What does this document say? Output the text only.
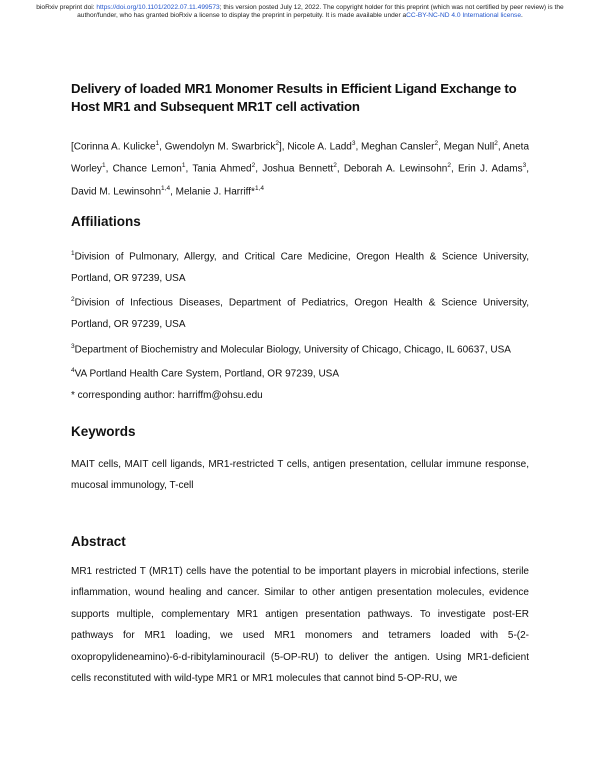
bioRxiv preprint doi: https://doi.org/10.1101/2022.07.11.499573; this version posted July 12, 2022. The copyright holder for this preprint (which was not certified by peer review) is the author/funder, who has granted bioRxiv a license to display the preprint in perpetuity. It is made available under aCC-BY-NC-ND 4.0 International license.
Delivery of loaded MR1 Monomer Results in Efficient Ligand Exchange to Host MR1 and Subsequent MR1T cell activation
[Corinna A. Kulicke$^1$, Gwendolyn M. Swarbrick$^2$], Nicole A. Ladd$^3$, Meghan Cansler$^2$, Megan Null$^2$, Aneta Worley$^1$, Chance Lemon$^1$, Tania Ahmed$^2$, Joshua Bennett$^2$, Deborah A. Lewinsohn$^2$, Erin J. Adams$^3$, David M. Lewinsohn$^{1,4}$, Melanie J. Harriff*$^{1,4}$
Affiliations

$^1$Division of Pulmonary, Allergy, and Critical Care Medicine, Oregon Health & Science University, Portland, OR 97239, USA

$^2$Division of Infectious Diseases, Department of Pediatrics, Oregon Health & Science University, Portland, OR 97239, USA

$^3$Department of Biochemistry and Molecular Biology, University of Chicago, Chicago, IL 60637, USA

$^4$VA Portland Health Care System, Portland, OR 97239, USA

* corresponding author: harriffm@ohsu.edu

Keywords
MAIT cells, MAIT cell ligands, MR1-restricted T cells, antigen presentation, cellular immune response, mucosal immunology, T-cell
Abstract
MR1 restricted T (MR1T) cells have the potential to be important players in microbial infections, sterile inflammation, wound healing and cancer. Similar to other antigen presentation molecules, evidence supports multiple, complementary MR1 antigen presentation pathways. To investigate post-ER pathways for MR1 loading, we used MR1 monomers and tetramers loaded with 5-(2-oxopropylideneamino)-6-d-ribitylaminouracil (5-OP-RU) to deliver the antigen. Using MR1-deficient cells reconstituted with wild-type MR1 or MR1 molecules that cannot bind 5-OP-RU, we
